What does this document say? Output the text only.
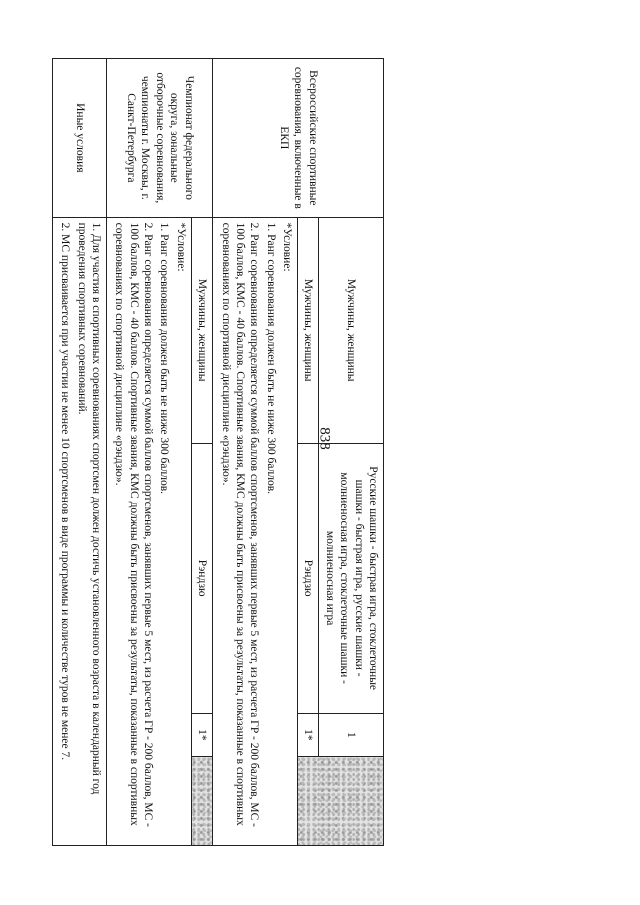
838
Всероссийские спортивные соревнования, включенные в ЕКП	Мужчины, женщины	Русские шашки - быстрая игра, стоклеточные шашки - быстрая игра, русские шашки - молниеносная игра, стоклеточные шашки - молниеносная игра	1	
	Мужчины, женщины	Рэндзю	1*	

	*Условие:

1. Ранг соревнования должен быть не ниже 300 баллов.

2. Ранг соревнования определяется суммой баллов спортсменов, занявших первые 5 мест, из расчета ГР - 200 баллов, МС - 100 баллов, КМС - 40 баллов. Спортивные звания, КМС должны быть присвоены за результаты, показанные в спортивных соревнованиях по спортивной дисциплине «рэндзю».			

Чемпионат федерального округа, зональные отборочные соревнования, чемпионаты г. Москвы, г. Санкт-Петербурга	Мужчины, женщины	Рэндзю	1*	

	*Условие:

1. Ранг соревнования должен быть не ниже 300 баллов.

2. Ранг соревнования определяется суммой баллов спортсменов, занявших первые 5 мест, из расчета ГР - 200 баллов, МС - 100 баллов, КМС - 40 баллов. Спортивные звания, КМС должны быть присвоены за результаты, показанные в спортивных соревнованиях по спортивной дисциплине «рэндзю».			

Иные условия	1. Для участия в спортивных соревнованиях спортсмен должен достичь установленного возраста в календарный год проведения спортивных соревнований.

2. МС присваивается при участии не менее 10 спортсменов в виде программы и количестве туров не менее 7.			
